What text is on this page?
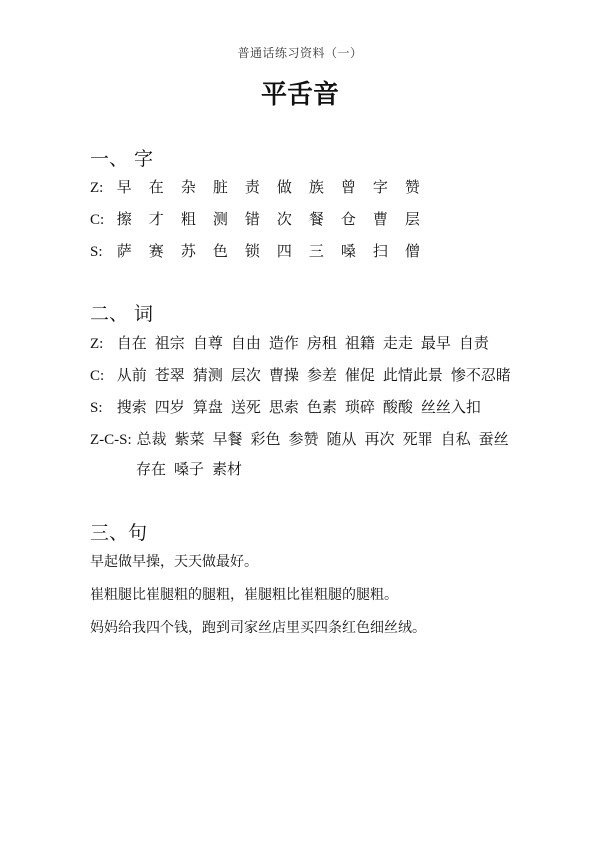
普通话练习资料（一）
平舌音
一、 字
Z: 早 在 杂 脏 责 做 族 曾 字 赞
C: 擦 才 粗 测 错 次 餐 仓 曹 层
S: 萨 赛 苏 色 锁 四 三 嗓 扫 僧
二、 词
Z: 自在 祖宗 自尊 自由 造作 房租 祖籍 走走 最早 自责
C: 从前 苍翠 猜测 层次 曹操 参差 催促 此情此景 惨不忍睹
S: 搜索 四岁 算盘 送死 思索 色素 琐碎 酸酸 丝丝入扣
Z-C-S: 总裁 紫菜 早餐 彩色 参赞 随从 再次 死罪 自私 蚕丝
存在 嗓子 素材
三、句
早起做早操，天天做最好。
崔粗腿比崔腿粗的腿粗，崔腿粗比崔粗腿的腿粗。
妈妈给我四个钱，跑到司家丝店里买四条红色细丝绒。
